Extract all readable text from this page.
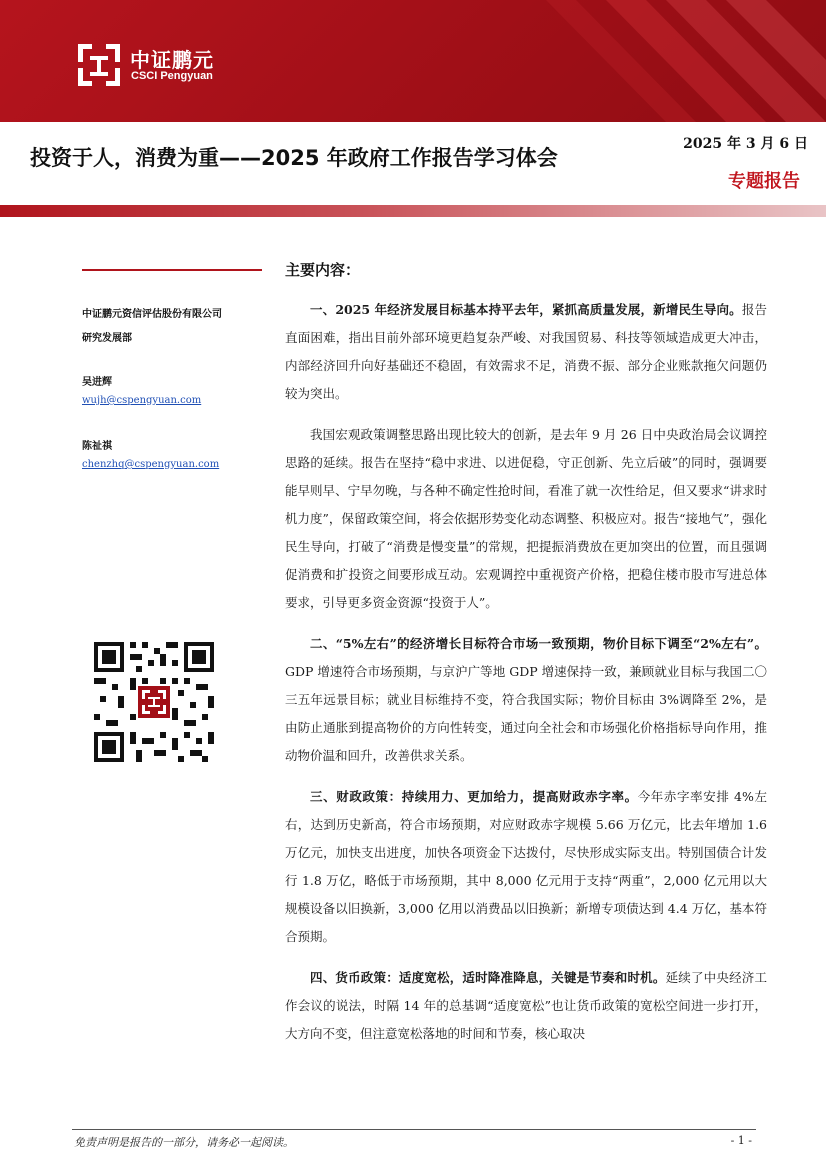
中证鹏元
CSCI Pengyuan
投资于人，消费为重——2025 年政府工作报告学习体会
2025 年 3 月 6 日
专题报告
中证鹏元资信评估股份有限公司
研究发展部
吴进辉
wujh@cspengyuan.com
陈祉祺
chenzhq@cspengyuan.com
主要内容：

一、2025 年经济发展目标基本持平去年，紧抓高质量发展，新增民生导向。报告直面困难，指出目前外部环境更趋复杂严峻、对我国贸易、科技等领域造成更大冲击，内部经济回升向好基础还不稳固，有效需求不足，消费不振、部分企业账款拖欠问题仍较为突出。

我国宏观政策调整思路出现比较大的创新，是去年 9 月 26 日中央政治局会议调控思路的延续。报告在坚持“稳中求进、以进促稳，守正创新、先立后破”的同时，强调要能早则早、宁早勿晚，与各种不确定性抢时间，看准了就一次性给足，但又要求“讲求时机力度”，保留政策空间，将会依据形势变化动态调整、积极应对。报告“接地气”，强化民生导向，打破了“消费是慢变量”的常规，把提振消费放在更加突出的位置，而且强调促消费和扩投资之间要形成互动。宏观调控中重视资产价格，把稳住楼市股市写进总体要求，引导更多资金资源“投资于人”。

二、“5%左右”的经济增长目标符合市场一致预期，物价目标下调至“2%左右”。GDP 增速符合市场预期，与京沪广等地 GDP 增速保持一致，兼顾就业目标与我国二〇三五年远景目标；就业目标维持不变，符合我国实际；物价目标由 3%调降至 2%，是由防止通胀到提高物价的方向性转变，通过向全社会和市场强化价格指标导向作用，推动物价温和回升，改善供求关系。

三、财政政策：持续用力、更加给力，提高财政赤字率。今年赤字率安排 4%左右，达到历史新高，符合市场预期，对应财政赤字规模 5.66 万亿元，比去年增加 1.6 万亿元，加快支出进度，加快各项资金下达拨付，尽快形成实际支出。特别国债合计发行 1.8 万亿，略低于市场预期，其中 8,000 亿元用于支持“两重”，2,000 亿元用以大规模设备以旧换新，3,000 亿用以消费品以旧换新；新增专项债达到 4.4 万亿，基本符合预期。

四、货币政策：适度宽松，适时降准降息，关键是节奏和时机。延续了中央经济工作会议的说法，时隔 14 年的总基调“适度宽松”也让货币政策的宽松空间进一步打开，大方向不变，但注意宽松落地的时间和节奏，核心取决

免责声明是报告的一部分，请务必一起阅读。	- 1 -
